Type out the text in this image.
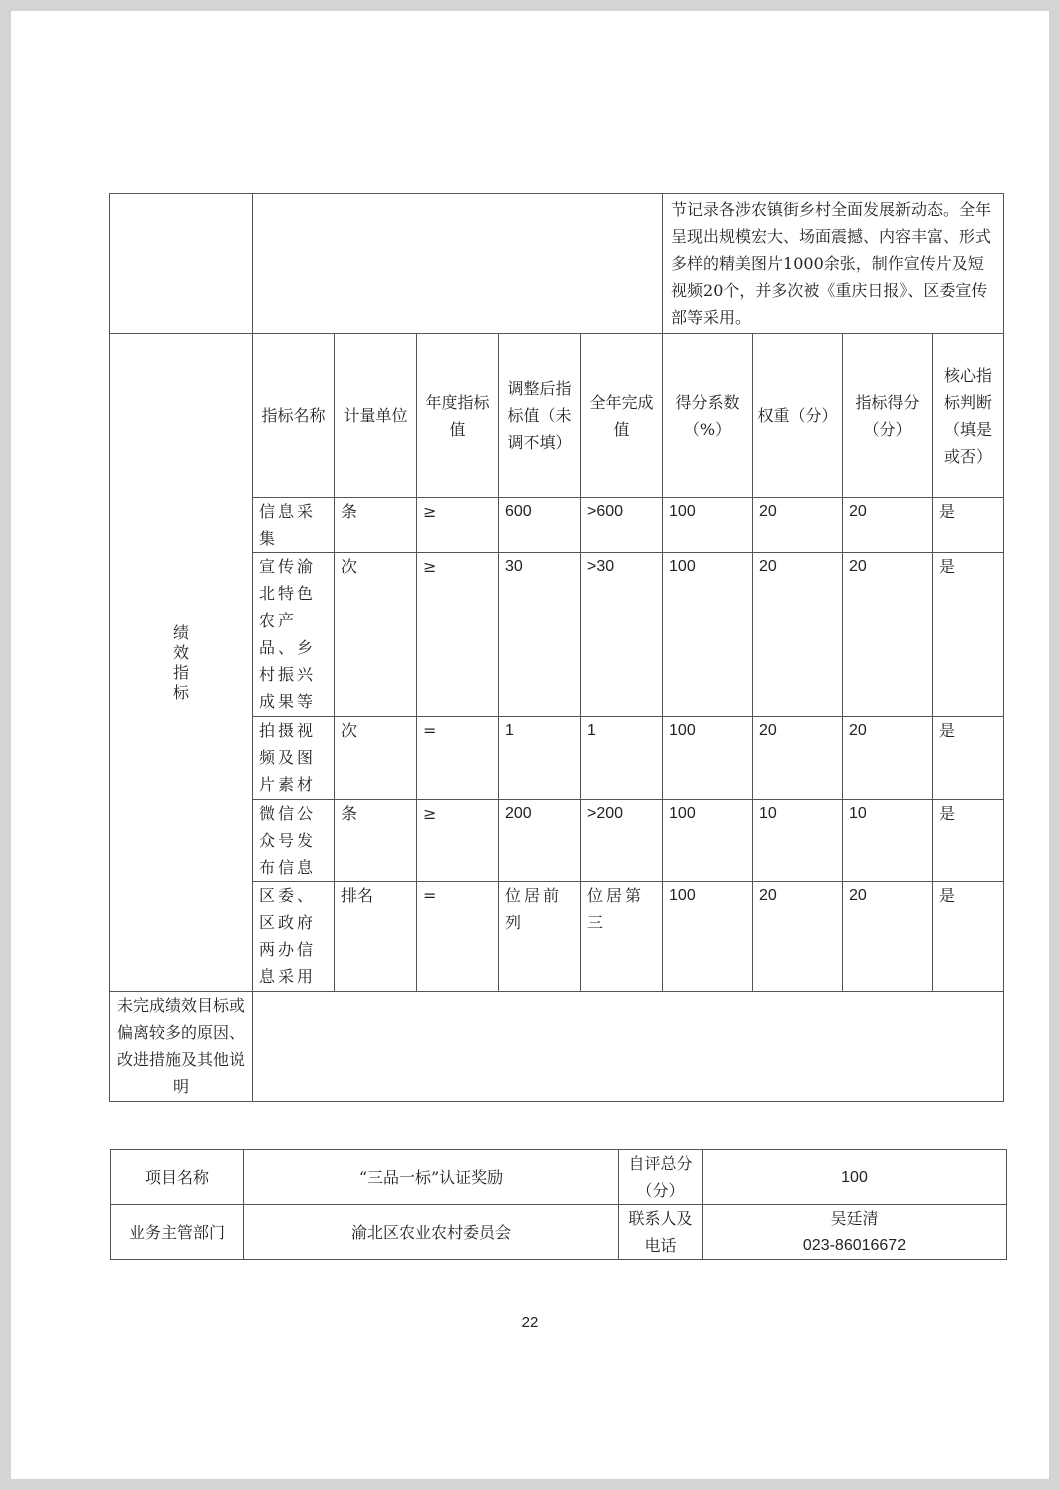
						节记录各涉农镇街乡村全面发展新动态。全年呈现出规模宏大、场面震撼、内容丰富、形式多样的精美图片1000余张，制作宣传片及短视频20个，并多次被《重庆日报》、区委宣传部等采用。			

绩效指标	指标名称	计量单位	年度指标值	调整后指标值（未调不填）	全年完成值	得分系数（%）	权重（分）	指标得分（分）	核心指标判断（填是或否）
	信息采集	条	≥	600	>600	100	20	20	是
	宣传渝北特色农产品、乡村振兴成果等	次	≥	30	>30	100	20	20	是
	拍摄视频及图片素材	次	=	1	1	100	20	20	是
	微信公众号发布信息	条	≥	200	>200	100	10	10	是
	区委、区政府两办信息采用	排名	=	位居前列	位居第三	100	20	20	是
未完成绩效目标或偏离较多的原因、改进措施及其他说明									
项目名称	“三品一标”认证奖励	自评总分（分）	100
业务主管部门	渝北区农业农村委员会	联系人及电话	吴廷清
023-86016672
22
